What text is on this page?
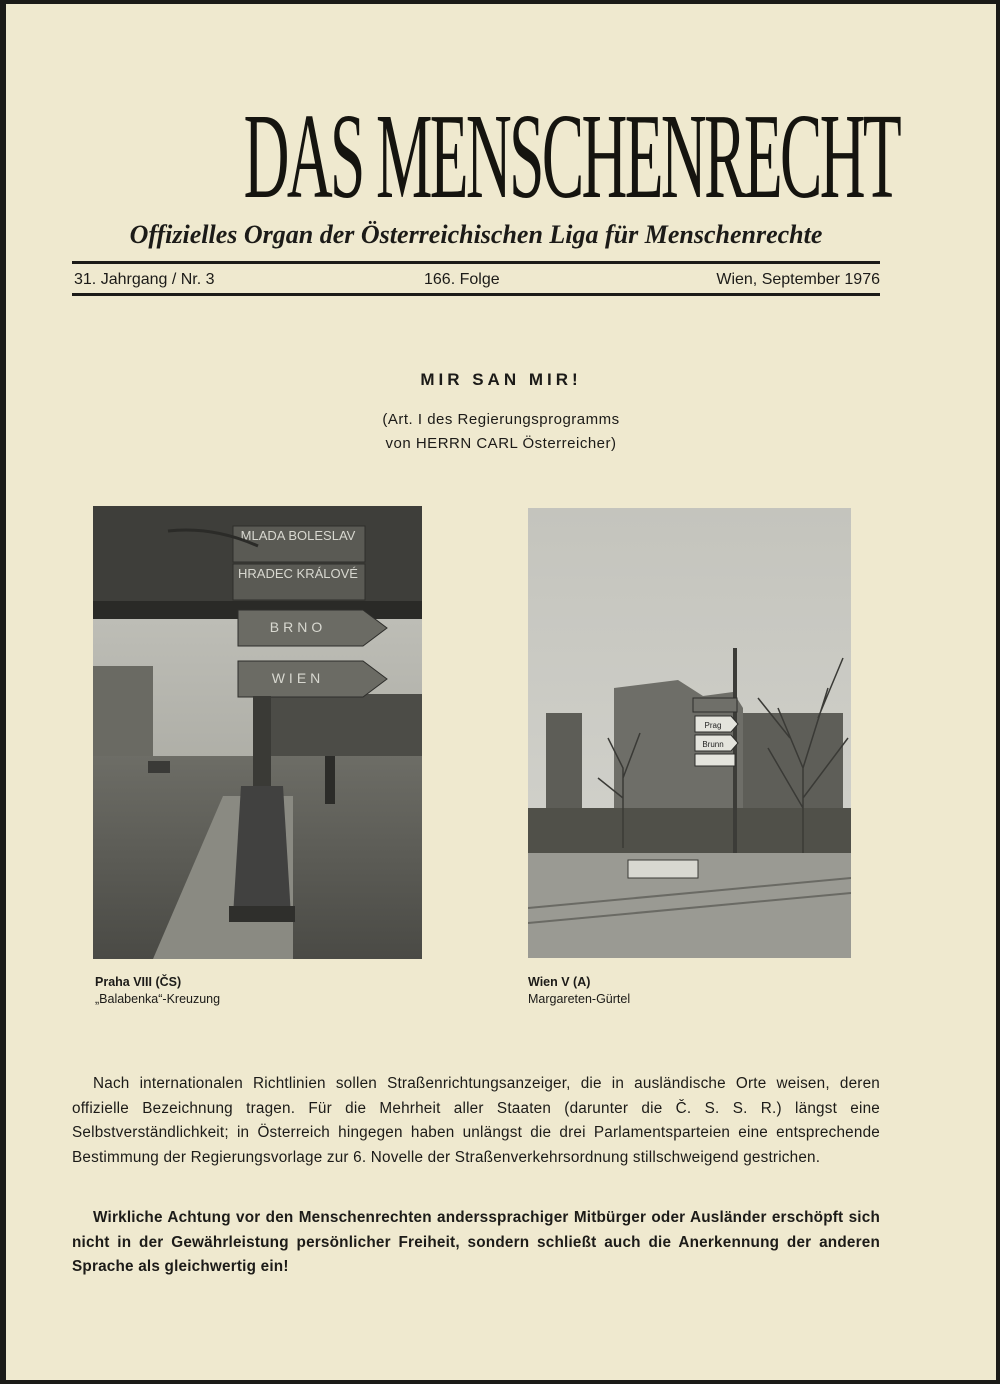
DAS MENSCHENRECHT
Offizielles Organ der Österreichischen Liga für Menschenrechte
31. Jahrgang / Nr. 3	166. Folge	Wien, September 1976
MIR SAN MIR!
(Art. I des Regierungsprogramms
von HERRN CARL Österreicher)
MLADA BOLESLAV
HRADEC KRÁLOVÉ
BRNO
WIEN
Praha VIII (ČS)
„Balabenka“-Kreuzung
Prag
Brunn
Wien V (A)
Margareten-Gürtel
Nach internationalen Richtlinien sollen Straßenrichtungsanzeiger, die in ausländische Orte weisen, deren offizielle Bezeichnung tragen. Für die Mehrheit aller Staaten (darunter die Č. S. S. R.) längst eine Selbstverständlichkeit; in Österreich hingegen haben unlängst die drei Parlamentsparteien eine entsprechende Bestimmung der Regierungsvorlage zur 6. Novelle der Straßenverkehrsordnung stillschweigend gestrichen.
Wirkliche Achtung vor den Menschenrechten anderssprachiger Mitbürger oder Ausländer erschöpft sich nicht in der Gewährleistung persönlicher Freiheit, sondern schließt auch die Anerkennung der anderen Sprache als gleichwertig ein!
